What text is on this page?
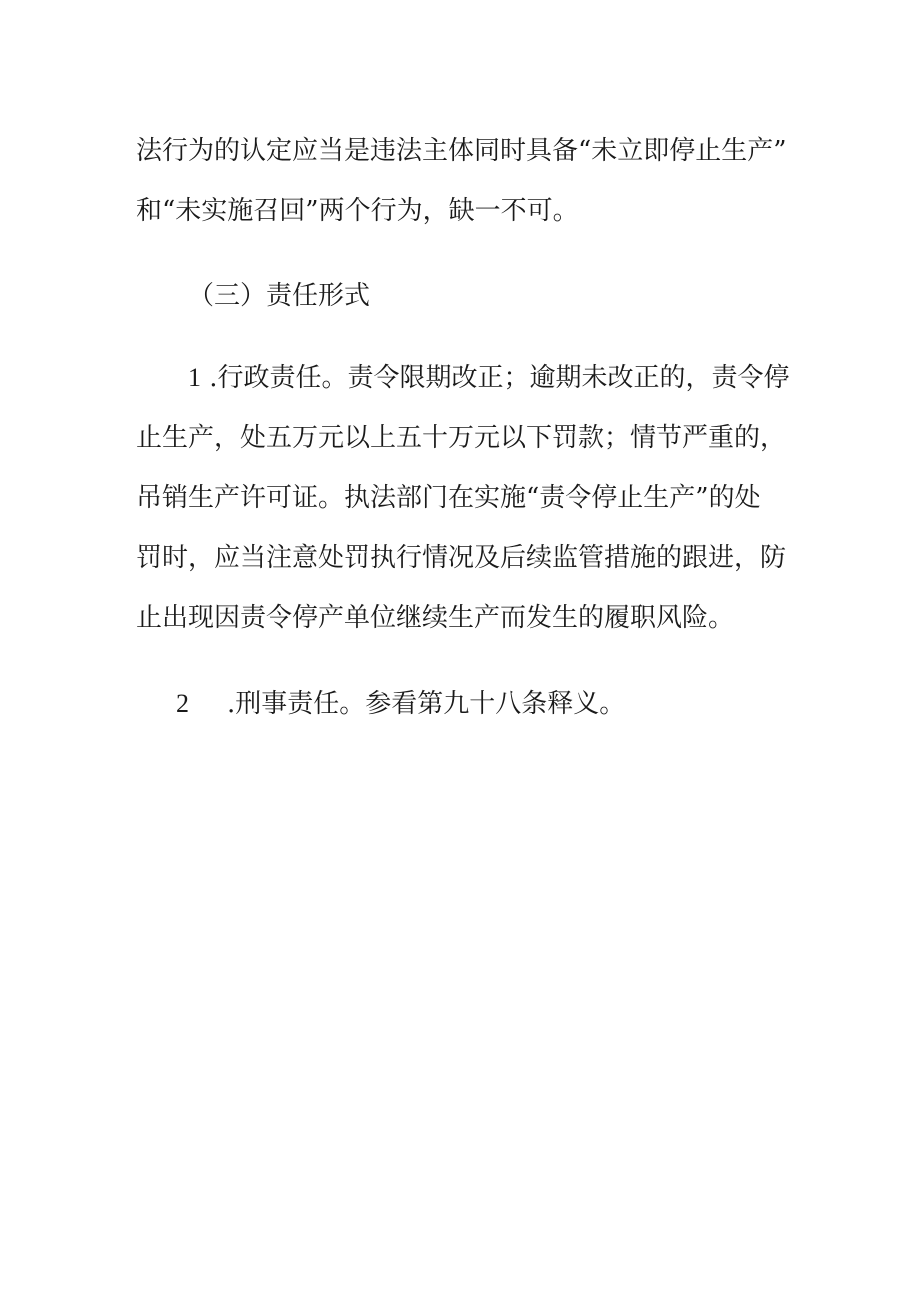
法行为的认定应当是违法主体同时具备“未立即停止生产”
和“未实施召回”两个行为，缺一不可。
（三）责任形式
1 .行政责任。责令限期改正；逾期未改正的，责令停
止生产，处五万元以上五十万元以下罚款；情节严重的，
吊销生产许可证。执法部门在实施“责令停止生产”的处
罚时，应当注意处罚执行情况及后续监管措施的跟进，防
止出现因责令停产单位继续生产而发生的履职风险。
2 .刑事责任。参看第九十八条释义。
